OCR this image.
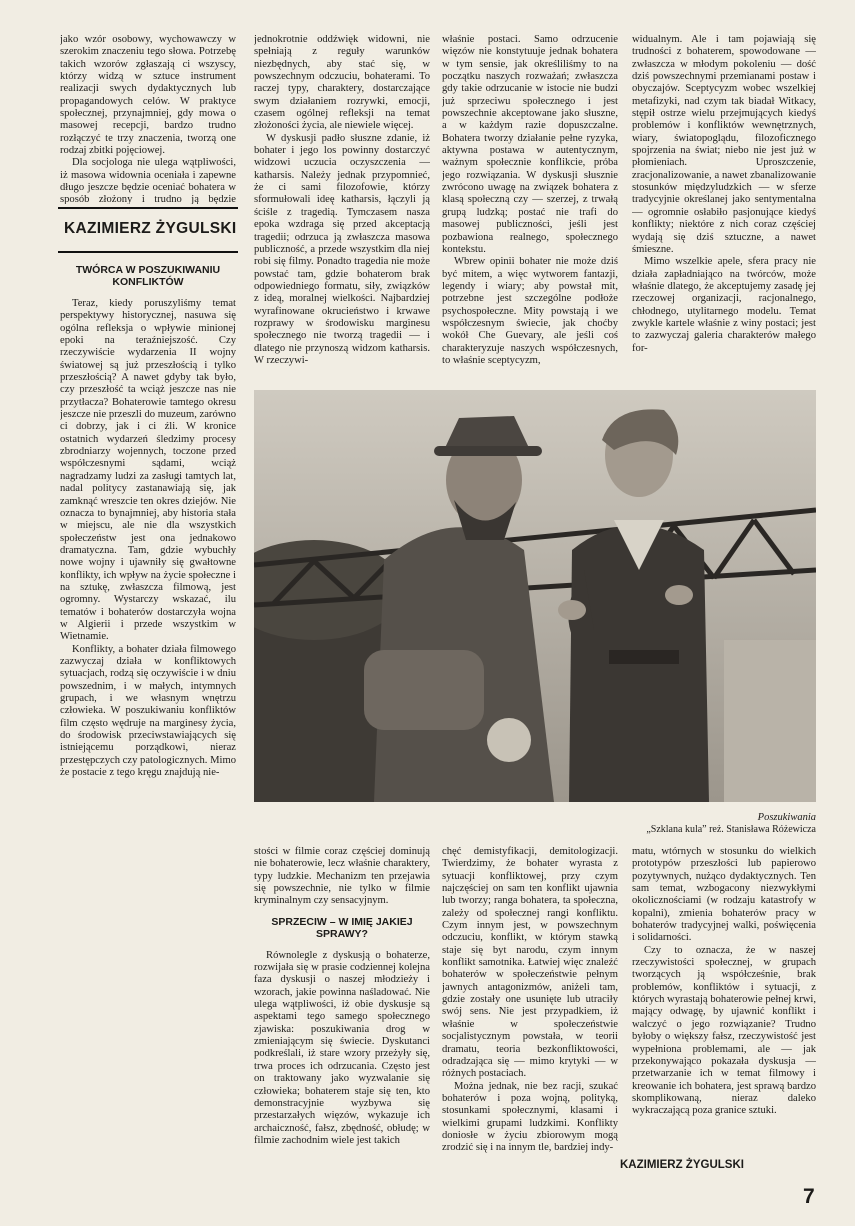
jako wzór osobowy, wychowawczy w szerokim znaczeniu tego słowa. Potrzebę takich wzorów zgłaszają ci wszyscy, którzy widzą w sztuce instrument realizacji swych dydaktycznych lub propagandowych celów. W praktyce społecznej, przynajmniej, gdy mowa o masowej recepcji, bardzo trudno rozłączyć te trzy znaczenia, tworzą one rodzaj zbitki pojęciowej.

Dla socjologa nie ulega wątpliwości, iż masowa widownia oceniała i zapewne długo jeszcze będzie oceniać bohatera w sposób złożony i trudno ją będzie

KAZIMIERZ ŻYGULSKI
TWÓRCA W POSZUKIWANIU KONFLIKTÓW

Teraz, kiedy poruszyliśmy temat perspektywy historycznej, nasuwa się ogólna refleksja o wpływie minionej epoki na teraźniejszość. Czy rzeczywiście wydarzenia II wojny światowej są już przeszłością i tylko przeszłością? A nawet gdyby tak było, czy przeszłość ta wciąż jeszcze nas nie przytłacza? Bohaterowie tamtego okresu jeszcze nie przeszli do muzeum, zarówno ci dobrzy, jak i ci źli. W kronice ostatnich wydarzeń śledzimy procesy zbrodniarzy wojennych, toczone przed współczesnymi sądami, wciąż nagradzamy ludzi za zasługi tamtych lat, nadal politycy zastanawiają się, jak zamknąć wreszcie ten okres dziejów. Nie oznacza to bynajmniej, aby historia stała w miejscu, ale nie dla wszystkich społeczeństw jest ona jednakowo dramatyczna. Tam, gdzie wybuchły nowe wojny i ujawniły się gwałtowne konflikty, ich wpływ na życie społeczne i na sztukę, zwłaszcza filmową, jest ogromny. Wystarczy wskazać, ilu tematów i bohaterów dostarczyła wojna w Algierii i przede wszystkim w Wietnamie.

Konflikty, a bohater działa filmowego zazwyczaj działa w konfliktowych sytuacjach, rodzą się oczywiście i w dniu powszednim, i w małych, intymnych grupach, i we własnym wnętrzu człowieka. W poszukiwaniu konfliktów film często wędruje na marginesy życia, do środowisk przeciwstawiających się istniejącemu porządkowi, nieraz przestępczych czy patologicznych. Mimo że postacie z tego kręgu znajdują nie-

jednokrotnie oddźwięk widowni, nie spełniają z reguły warunków niezbędnych, aby stać się, w powszechnym odczuciu, bohaterami. To raczej typy, charaktery, dostarczające swym działaniem rozrywki, emocji, czasem ogólnej refleksji na temat złożoności życia, ale niewiele więcej.

W dyskusji padło słuszne zdanie, iż bohater i jego los powinny dostarczyć widzowi uczucia oczyszczenia — katharsis. Należy jednak przypomnieć, że ci sami filozofowie, którzy sformułowali ideę katharsis, łączyli ją ściśle z tragedią. Tymczasem nasza epoka wzdraga się przed akceptacją tragedii; odrzuca ją zwłaszcza masowa publiczność, a przede wszystkim dla niej robi się filmy. Ponadto tragedia nie może powstać tam, gdzie bohaterom brak odpowiedniego formatu, siły, związków z ideą, moralnej wielkości. Najbardziej wyrafinowane okrucieństwo i krwawe rozprawy w środowisku marginesu społecznego nie tworzą tragedii — i dlatego nie przynoszą widzom katharsis. W rzeczywi-

właśnie postaci. Samo odrzucenie więzów nie konstytuuje jednak bohatera w tym sensie, jak określiliśmy to na początku naszych rozważań; zwłaszcza gdy takie odrzucanie w istocie nie budzi już sprzeciwu społecznego i jest powszechnie akceptowane jako słuszne, a w każdym razie dopuszczalne. Bohatera tworzy działanie pełne ryzyka, aktywna postawa w autentycznym, ważnym społecznie konflikcie, próba jego rozwiązania. W dyskusji słusznie zwrócono uwagę na związek bohatera z klasą społeczną czy — szerzej, z trwałą grupą ludzką; postać nie trafi do masowej publiczności, jeśli jest pozbawiona realnego, społecznego kontekstu.

Wbrew opinii bohater nie może dziś być mitem, a więc wytworem fantazji, legendy i wiary; aby powstał mit, potrzebne jest szczególne podłoże psychospołeczne. Mity powstają i we współczesnym świecie, jak choćby wokół Che Guevary, ale jeśli coś charakteryzuje naszych współczesnych, to właśnie sceptycyzm,

widualnym. Ale i tam pojawiają się trudności z bohaterem, spowodowane — zwłaszcza w młodym pokoleniu — dość dziś powszechnymi przemianami postaw i obyczajów. Sceptycyzm wobec wszelkiej metafizyki, nad czym tak biadał Witkacy, stępił ostrze wielu przejmujących kiedyś problemów i konfliktów wewnętrznych, wiary, światopoglądu, filozoficznego spojrzenia na świat; niebo nie jest już w płomieniach. Uproszczenie, zracjonalizowanie, a nawet zbanalizowanie stosunków międzyludzkich — w sferze tradycyjnie określanej jako sentymentalna — ogromnie osłabiło pasjonujące kiedyś konflikty; niektóre z nich coraz częściej wydają się dziś sztuczne, a nawet śmieszne.

Mimo wszelkie apele, sfera pracy nie działa zapładniająco na twórców, może właśnie dlatego, że akceptujemy zasadę jej rzeczowej organizacji, racjonalnego, chłodnego, utylitarnego modelu. Temat zwykle kartele właśnie z winy postaci; jest to zazwyczaj galeria charakterów małego for-

Poszukiwania
„Szklana kula” reż. Stanisława Różewicza

stości w filmie coraz częściej dominują nie bohaterowie, lecz właśnie charaktery, typy ludzkie. Mechanizm ten przejawia się powszechnie, nie tylko w filmie kryminalnym czy sensacyjnym.

SPRZECIW – W IMIĘ JAKIEJ SPRAWY?

Równolegle z dyskusją o bohaterze, rozwijała się w prasie codziennej kolejna faza dyskusji o naszej młodzieży i wzorach, jakie powinna naśladować. Nie ulega wątpliwości, iż obie dyskusje są aspektami tego samego społecznego zjawiska: poszukiwania drog w zmieniającym się świecie. Dyskutanci podkreślali, iż stare wzory przeżyły się, trwa proces ich odrzucania. Często jest on traktowany jako wyzwalanie się człowieka; bohaterem staje się ten, kto demonstracyjnie wyzbywa się przestarzałych więzów, wykazuje ich archaiczność, fałsz, zbędność, obłudę; w filmie zachodnim wiele jest takich

chęć demistyfikacji, demitologizacji. Twierdzimy, że bohater wyrasta z sytuacji konfliktowej, przy czym najczęściej on sam ten konflikt ujawnia lub tworzy; ranga bohatera, ta społeczna, zależy od społecznej rangi konfliktu. Czym innym jest, w powszechnym odczuciu, konflikt, w którym stawką staje się byt narodu, czym innym konflikt samotnika. Łatwiej więc znaleźć bohaterów w społeczeństwie pełnym jawnych antagonizmów, aniżeli tam, gdzie zostały one usunięte lub utraciły swój sens. Nie jest przypadkiem, iż właśnie w społeczeństwie socjalistycznym powstała, w teorii dramatu, teoria bezkonfliktowości, odradzająca się — mimo krytyki — w różnych postaciach.

Można jednak, nie bez racji, szukać bohaterów i poza wojną, polityką, stosunkami społecznymi, klasami i wielkimi grupami ludzkimi. Konflikty doniosłe w życiu zbiorowym mogą zrodzić się i na innym tle, bardziej indy-

matu, wtórnych w stosunku do wielkich prototypów przeszłości lub papierowo pozytywnych, nużąco dydaktycznych. Ten sam temat, wzbogacony niezwykłymi okolicznościami (w rodzaju katastrofy w kopalni), zmienia bohaterów pracy w bohaterów tradycyjnej walki, poświęcenia i solidarności.

Czy to oznacza, że w naszej rzeczywistości społecznej, w grupach tworzących ją współcześnie, brak problemów, konfliktów i sytuacji, z których wyrastają bohaterowie pełnej krwi, mający odwagę, by ujawnić konflikt i walczyć o jego rozwiązanie? Trudno byłoby o większy fałsz, rzeczywistość jest wypełniona problemami, ale — jak przekonywająco pokazała dyskusja — przetwarzanie ich w temat filmowy i kreowanie ich bohatera, jest sprawą bardzo skomplikowaną, nieraz daleko wykraczającą poza granice sztuki.

KAZIMIERZ ŻYGULSKI
7
